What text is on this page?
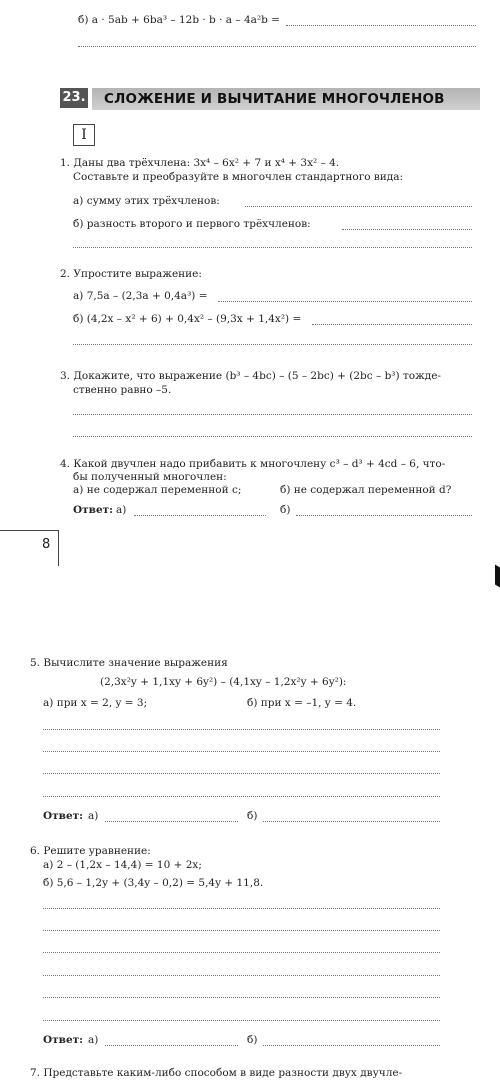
б) a · 5ab + 6ba³ – 12b · b · a – 4a²b =
23. СЛОЖЕНИЕ И ВЫЧИТАНИЕ МНОГОЧЛЕНОВ
I
1. Даны два трёхчлена: 3x⁴ – 6x² + 7 и x⁴ + 3x² – 4.
Составьте и преобразуйте в многочлен стандартного вида:
а) сумму этих трёхчленов:
б) разность второго и первого трёхчленов:
2. Упростите выражение:
а) 7,5a – (2,3a + 0,4a³) =
б) (4,2x – x² + 6) + 0,4x² – (9,3x + 1,4x²) =
3. Докажите, что выражение (b³ – 4bc) – (5 – 2bc) + (2bc – b³) тожде-
ственно равно –5.
4. Какой двучлен надо прибавить к многочлену c³ – d³ + 4cd – 6, что-
бы полученный многочлен:
а) не содержал переменной c;	б) не содержал переменной d?
Ответ: а)	б)
8
5. Вычислите значение выражения
(2,3x²y + 1,1xy + 6y²) – (4,1xy – 1,2x²y + 6y²):
а) при x = 2, y = 3;	б) при x = –1, y = 4.
Ответ: а)	б)
6. Решите уравнение:
а) 2 – (1,2x – 14,4) = 10 + 2x;
б) 5,6 – 1,2y + (3,4y – 0,2) = 5,4y + 11,8.
Ответ: а)	б)
7. Представьте каким-либо способом в виде разности двух двучле-
